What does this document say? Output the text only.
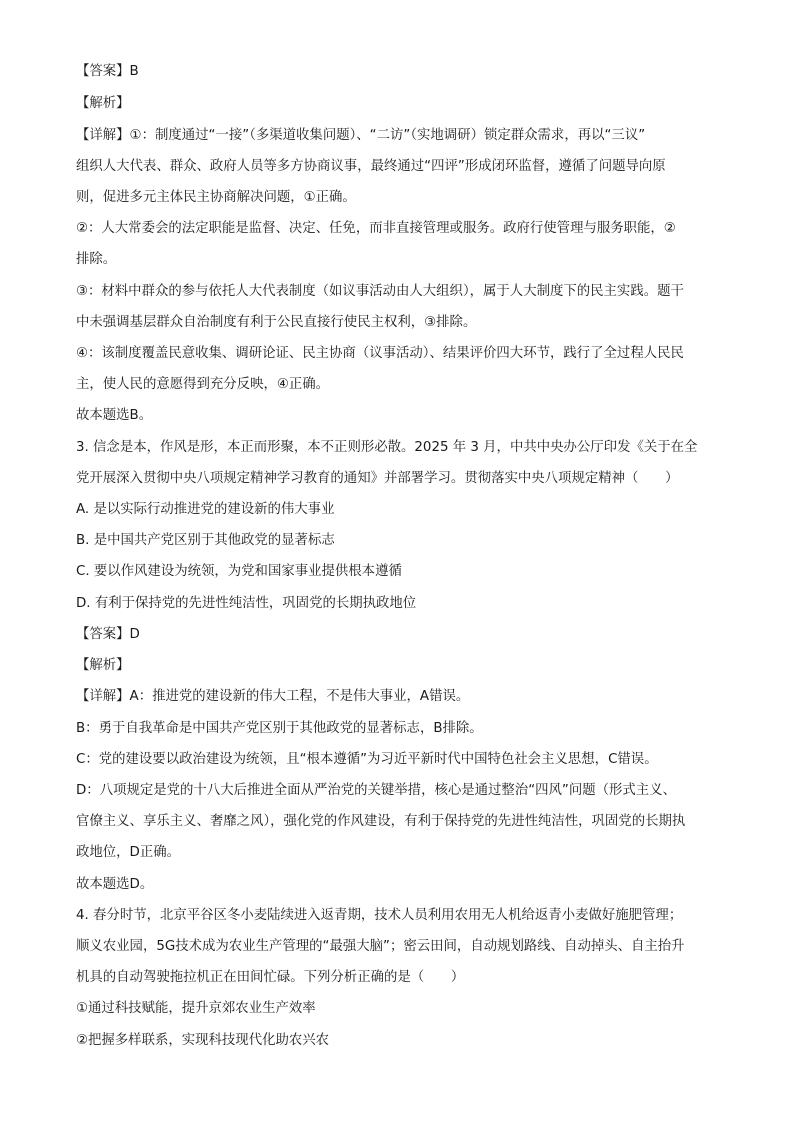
【答案】B
【解析】
【详解】①：制度通过“一接”（多渠道收集问题）、“二访”（实地调研）锁定群众需求，再以“三议”
组织人大代表、群众、政府人员等多方协商议事，最终通过“四评”形成闭环监督，遵循了问题导向原
则，促进多元主体民主协商解决问题，①正确。
②：人大常委会的法定职能是监督、决定、任免，而非直接管理或服务。政府行使管理与服务职能，②
排除。
③：材料中群众的参与依托人大代表制度（如议事活动由人大组织），属于人大制度下的民主实践。题干
中未强调基层群众自治制度有利于公民直接行使民主权利，③排除。
④：该制度覆盖民意收集、调研论证、民主协商（议事活动）、结果评价四大环节，践行了全过程人民民
主，使人民的意愿得到充分反映，④正确。
故本题选B。
3. 信念是本，作风是形，本正而形聚，本不正则形必散。2025 年 3 月，中共中央办公厅印发《关于在全
党开展深入贯彻中央八项规定精神学习教育的通知》并部署学习。贯彻落实中央八项规定精神（　　）
A. 是以实际行动推进党的建设新的伟大事业
B. 是中国共产党区别于其他政党的显著标志
C. 要以作风建设为统领，为党和国家事业提供根本遵循
D. 有利于保持党的先进性纯洁性，巩固党的长期执政地位
【答案】D
【解析】
【详解】A：推进党的建设新的伟大工程，不是伟大事业，A错误。
B：勇于自我革命是中国共产党区别于其他政党的显著标志，B排除。
C：党的建设要以政治建设为统领，且“根本遵循”为习近平新时代中国特色社会主义思想，C错误。
D：八项规定是党的十八大后推进全面从严治党的关键举措，核心是通过整治“四风”问题（形式主义、
官僚主义、享乐主义、奢靡之风），强化党的作风建设，有利于保持党的先进性纯洁性，巩固党的长期执
政地位，D正确。
故本题选D。
4. 春分时节，北京平谷区冬小麦陆续进入返青期，技术人员利用农用无人机给返青小麦做好施肥管理；
顺义农业园，5G技术成为农业生产管理的“最强大脑”；密云田间，自动规划路线、自动掉头、自主抬升
机具的自动驾驶拖拉机正在田间忙碌。下列分析正确的是（　　）
①通过科技赋能，提升京郊农业生产效率
②把握多样联系，实现科技现代化助农兴农
